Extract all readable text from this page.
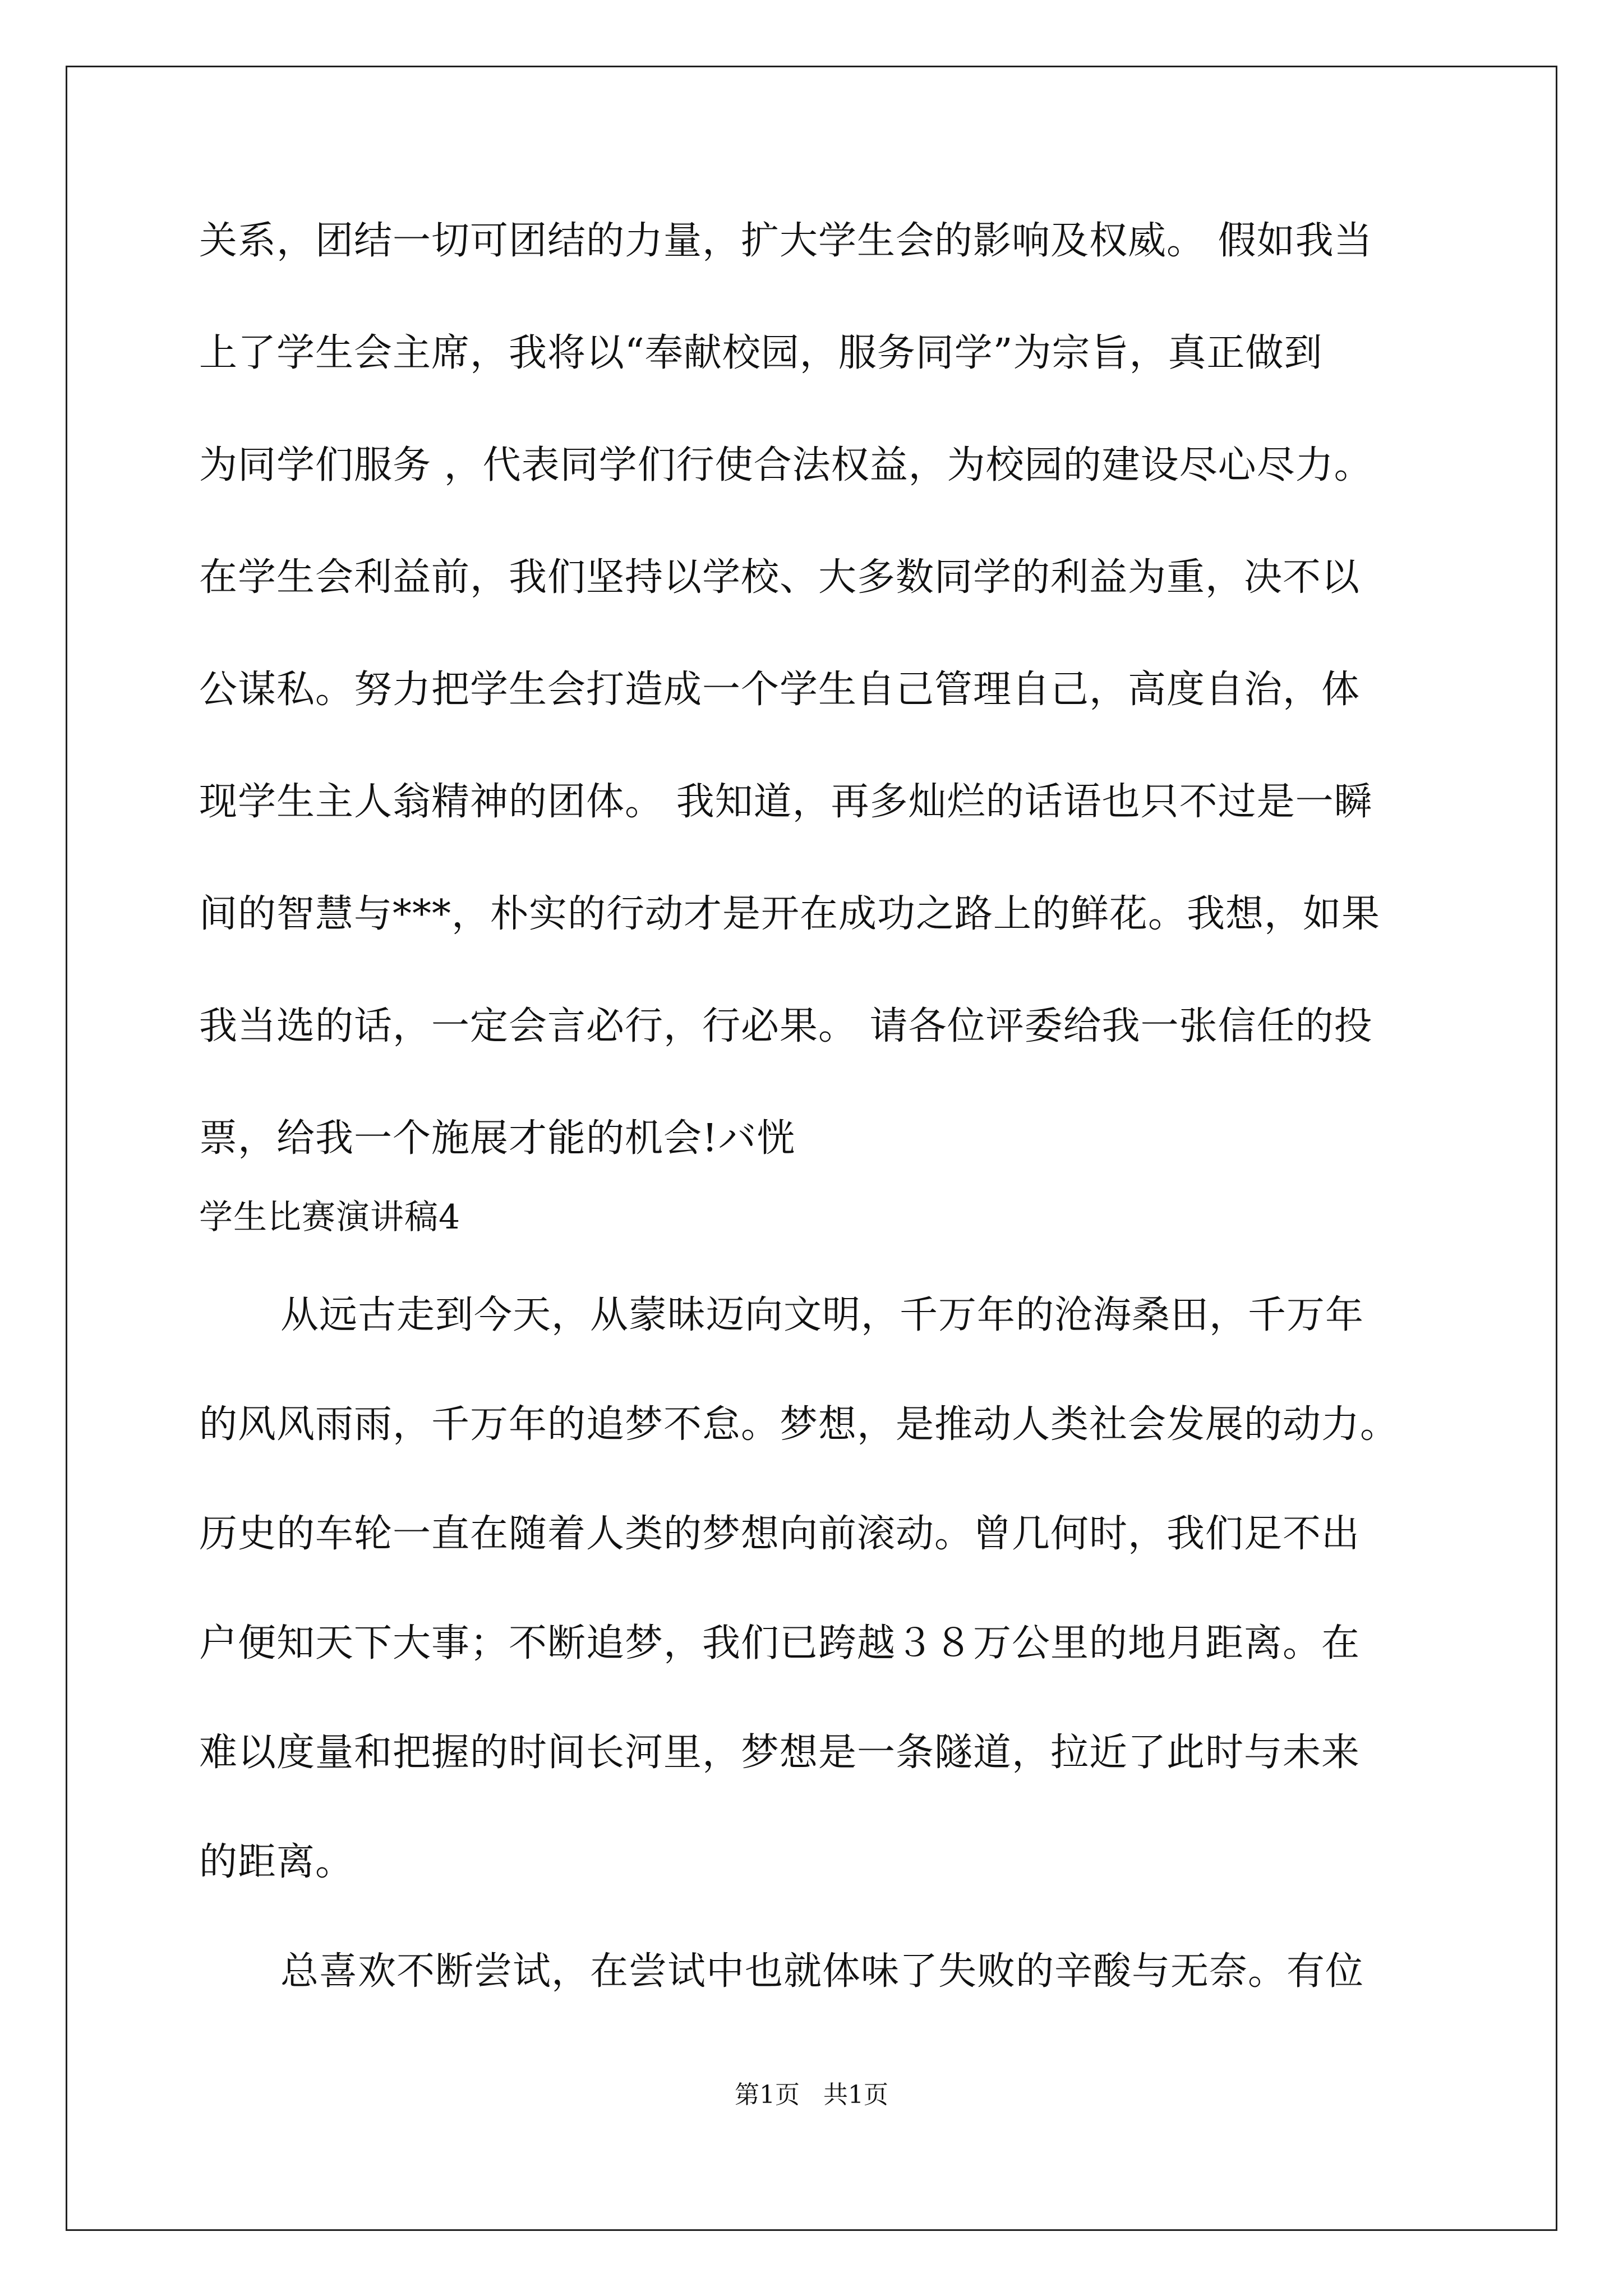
关系，团结一切可团结的力量，扩大学生会的影响及权威。 假如我当
上了学生会主席，我将以“奉献校园，服务同学”为宗旨，真正做到
为同学们服务 ，代表同学们行使合法权益，为校园的建设尽心尽力。
在学生会利益前，我们坚持以学校、大多数同学的利益为重，决不以
公谋私。努力把学生会打造成一个学生自己管理自己，高度自治，体
现学生主人翁精神的团体。 我知道，再多灿烂的话语也只不过是一瞬
间的智慧与***，朴实的行动才是开在成功之路上的鲜花。我想，如果
我当选的话，一定会言必行，行必果。 请各位评委给我一张信任的投
票，给我一个施展才能的机会!バ恍
学生比赛演讲稿4
从远古走到今天，从蒙昧迈向文明，千万年的沧海桑田，千万年
的风风雨雨，千万年的追梦不怠。梦想，是推动人类社会发展的动力。
历史的车轮一直在随着人类的梦想向前滚动。曾几何时，我们足不出
户便知天下大事；不断追梦，我们已跨越３８万公里的地月距离。在
难以度量和把握的时间长河里，梦想是一条隧道，拉近了此时与未来
的距离。
总喜欢不断尝试，在尝试中也就体味了失败的辛酸与无奈。有位
第1页   共1页
